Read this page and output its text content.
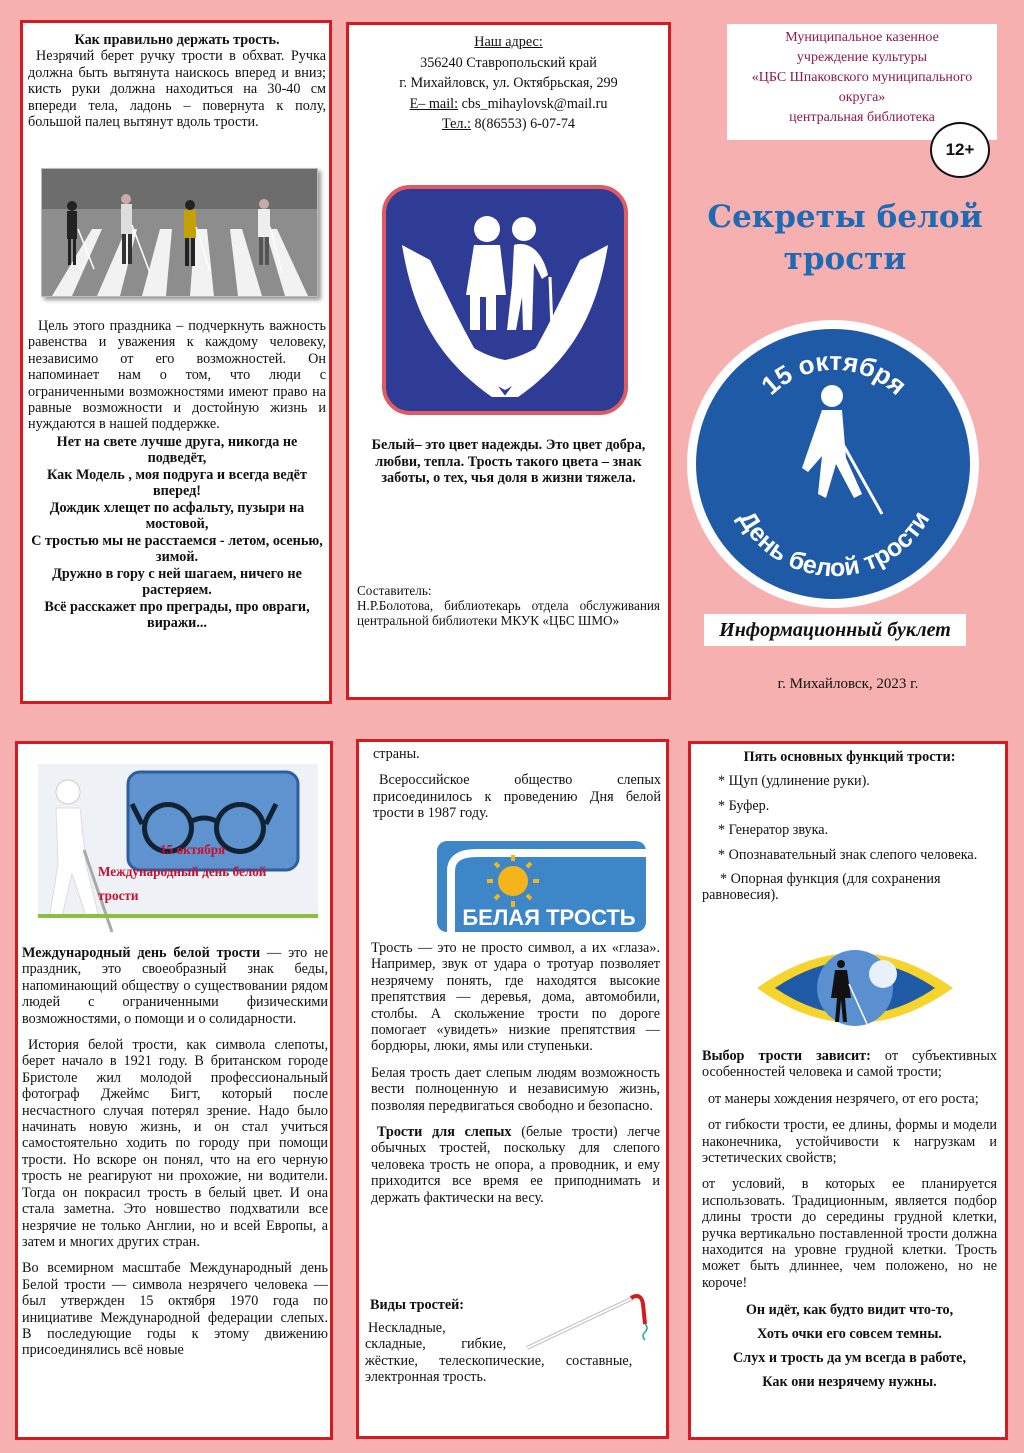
Как правильно держать трость.

Незрячий берет ручку трости в обхват. Ручка должна быть вытянута наискось вперед и вниз; кисть руки должна находиться на 30-40 см впереди тела, ладонь – повернута к полу, большой палец вытянут вдоль трости.

Цель этого праздника – подчеркнуть важность равенства и уважения к каждому человеку, независимо от его возможностей. Он напоминает нам о том, что люди с ограниченными возможностями имеют право на равные возможности и достойную жизнь и нуждаются в нашей поддержке.

Нет на свете лучше друга, никогда не подведёт,

Как Модель , моя подруга и всегда ведёт вперед!

Дождик хлещет по асфальту, пузыри на мостовой,

С тростью мы не расстаемся - летом, осенью, зимой.

Дружно в гору с ней шагаем, ничего не растеряем.

Всё расскажет про преграды, про овраги, виражи...

Наш адрес:

356240 Ставропольский край

г. Михайловск, ул. Октябрьская, 299

E– mail: cbs_mihaylovsk@mail.ru

Тел.: 8(86553) 6-07-74

Белый– это цвет надежды. Это цвет добра, любви, тепла. Трость такого цвета – знак заботы, о тех, чья доля в жизни тяжела.

Составитель:

Н.Р.Болотова, библиотекарь отдела обслуживания центральной библиотеки МКУК «ЦБС ШМО»

Муниципальное казенное

учреждение культуры

«ЦБС Шпаковского муниципального

округа»

центральная библиотека

12+

Секреты белой

трости

15 октября
День белой трости
Информационный буклет
г. Михайловск, 2023 г.

15 октября

Международный день белой

трости

Международный день белой трости — это не праздник, это своеобразный знак беды, напоминающий обществу о существовании рядом людей с ограниченными физическими возможностями, о помощи и о солидарности.

История белой трости, как символа слепоты, берет начало в 1921 году. В британском городе Бристоле жил молодой профессиональный фотограф Джеймс Бигт, который после несчастного случая потерял зрение. Надо было начинать новую жизнь, и он стал учиться самостоятельно ходить по городу при помощи трости. Но вскоре он понял, что на его черную трость не реагируют ни прохожие, ни водители. Тогда он покрасил трость в белый цвет. И она стала заметна. Это новшество подхватили все незрячие не только Англии, но и всей Европы, а затем и многих других стран.

Во всемирном масштабе Международный день Белой трости — символа незрячего человека — был утвержден 15 октября 1970 года по инициативе Международной федерации слепых. В последующие годы к этому движению присоединялись всё новые

страны.

Всероссийское общество слепых присоединилось к проведению Дня белой трости в 1987 году.

БЕЛАЯ ТРОСТЬ

Трость — это не просто символ, а их «глаза». Например, звук от удара о тротуар позволяет незрячему понять, где находятся высокие препятствия — деревья, дома, автомобили, столбы. А скольжение трости по дороге помогает «увидеть» низкие препятствия — бордюры, люки, ямы или ступеньки.

Белая трость дает слепым людям возможность вести полноценную и независимую жизнь, позволяя передвигаться свободно и безопасно.

Трости для слепых (белые трости) легче обычных тростей, поскольку для слепого человека трость не опора, а проводник, и ему приходится все время ее приподнимать и держать фактически на весу.

Виды тростей:

Нескладные,

складные,          гибкие,

жёсткие,      телескопические,      составные,

электронная трость.

Пять основных функций трости:

* Щуп (удлинение руки).

* Буфер.

* Генератор звука.

* Опознавательный знак слепого человека.

* Опорная функция (для сохранения равновесия).

Выбор трости зависит: от субъективных особенностей человека и самой трости;

от манеры хождения незрячего, от его роста;

от гибкости трости, ее длины, формы и модели наконечника, устойчивости к нагрузкам и эстетических свойств;

от условий, в которых ее планируется использовать. Традиционным, является подбор длины трости до середины грудной клетки, ручка вертикально поставленной трости должна находится на уровне грудной клетки. Трость может быть длиннее, чем положено, но не короче!

Он идёт, как будто видит что-то,

Хоть очки его совсем темны.

Слух и трость да ум всегда в работе,

Как они незрячему нужны.
